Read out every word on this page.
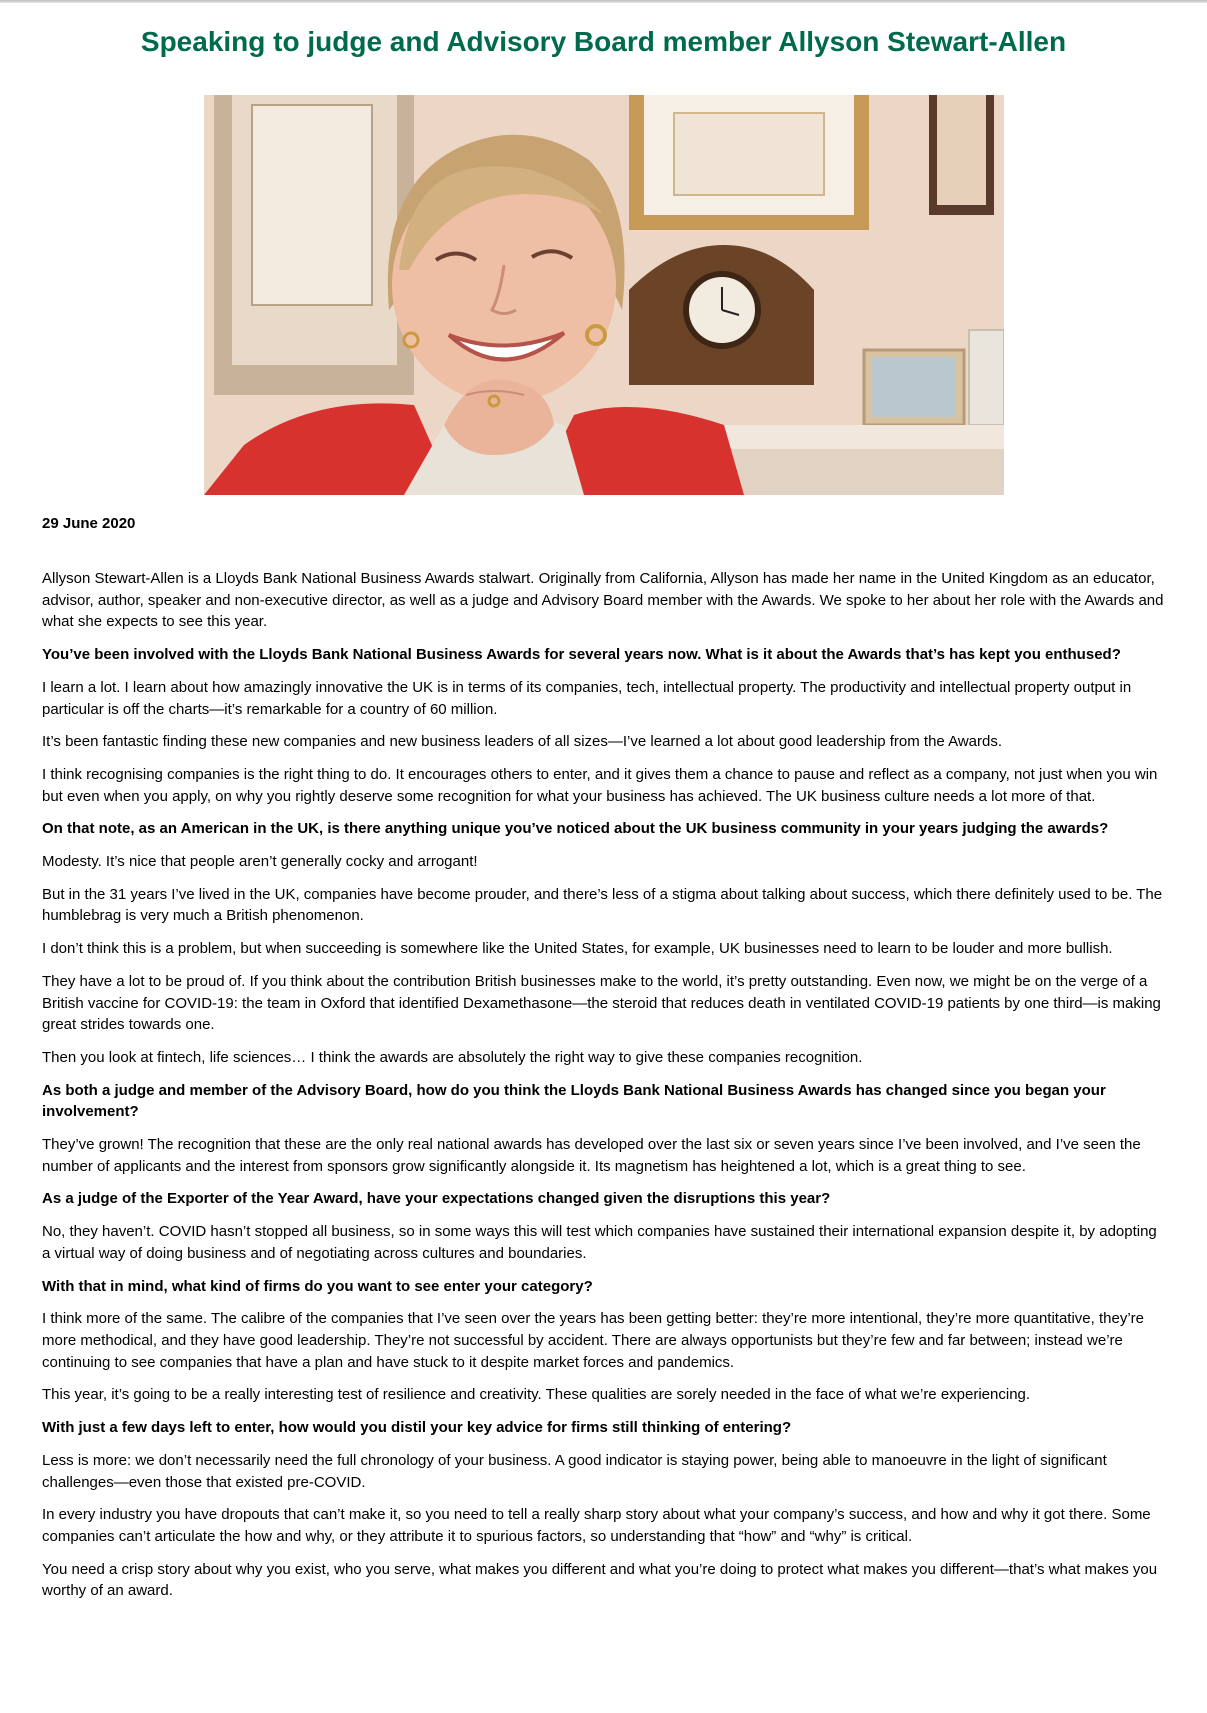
Speaking to judge and Advisory Board member Allyson Stewart-Allen
29 June 2020

Allyson Stewart-Allen is a Lloyds Bank National Business Awards stalwart. Originally from California, Allyson has made her name in the United Kingdom as an educator, advisor, author, speaker and non-executive director, as well as a judge and Advisory Board member with the Awards. We spoke to her about her role with the Awards and what she expects to see this year.

You’ve been involved with the Lloyds Bank National Business Awards for several years now. What is it about the Awards that’s has kept you enthused?

I learn a lot. I learn about how amazingly innovative the UK is in terms of its companies, tech, intellectual property. The productivity and intellectual property output in particular is off the charts—it’s remarkable for a country of 60 million.

It’s been fantastic finding these new companies and new business leaders of all sizes—I’ve learned a lot about good leadership from the Awards.

I think recognising companies is the right thing to do. It encourages others to enter, and it gives them a chance to pause and reflect as a company, not just when you win but even when you apply, on why you rightly deserve some recognition for what your business has achieved. The UK business culture needs a lot more of that.

On that note, as an American in the UK, is there anything unique you’ve noticed about the UK business community in your years judging the awards?

Modesty. It’s nice that people aren’t generally cocky and arrogant!

But in the 31 years I’ve lived in the UK, companies have become prouder, and there’s less of a stigma about talking about success, which there definitely used to be. The humblebrag is very much a British phenomenon.

I don’t think this is a problem, but when succeeding is somewhere like the United States, for example, UK businesses need to learn to be louder and more bullish.

They have a lot to be proud of. If you think about the contribution British businesses make to the world, it’s pretty outstanding. Even now, we might be on the verge of a British vaccine for COVID-19: the team in Oxford that identified Dexamethasone—the steroid that reduces death in ventilated COVID-19 patients by one third—is making great strides towards one.

Then you look at fintech, life sciences… I think the awards are absolutely the right way to give these companies recognition.

As both a judge and member of the Advisory Board, how do you think the Lloyds Bank National Business Awards has changed since you began your involvement?

They’ve grown! The recognition that these are the only real national awards has developed over the last six or seven years since I’ve been involved, and I’ve seen the number of applicants and the interest from sponsors grow significantly alongside it. Its magnetism has heightened a lot, which is a great thing to see.

As a judge of the Exporter of the Year Award, have your expectations changed given the disruptions this year?

No, they haven’t. COVID hasn’t stopped all business, so in some ways this will test which companies have sustained their international expansion despite it, by adopting a virtual way of doing business and of negotiating across cultures and boundaries.

With that in mind, what kind of firms do you want to see enter your category?

I think more of the same. The calibre of the companies that I’ve seen over the years has been getting better: they’re more intentional, they’re more quantitative, they’re more methodical, and they have good leadership. They’re not successful by accident. There are always opportunists but they’re few and far between; instead we’re continuing to see companies that have a plan and have stuck to it despite market forces and pandemics.

This year, it’s going to be a really interesting test of resilience and creativity. These qualities are sorely needed in the face of what we’re experiencing.

With just a few days left to enter, how would you distil your key advice for firms still thinking of entering?

Less is more: we don’t necessarily need the full chronology of your business. A good indicator is staying power, being able to manoeuvre in the light of significant challenges—even those that existed pre-COVID.

In every industry you have dropouts that can’t make it, so you need to tell a really sharp story about what your company’s success, and how and why it got there. Some companies can’t articulate the how and why, or they attribute it to spurious factors, so understanding that “how” and “why” is critical.

You need a crisp story about why you exist, who you serve, what makes you different and what you’re doing to protect what makes you different—that’s what makes you worthy of an award.
